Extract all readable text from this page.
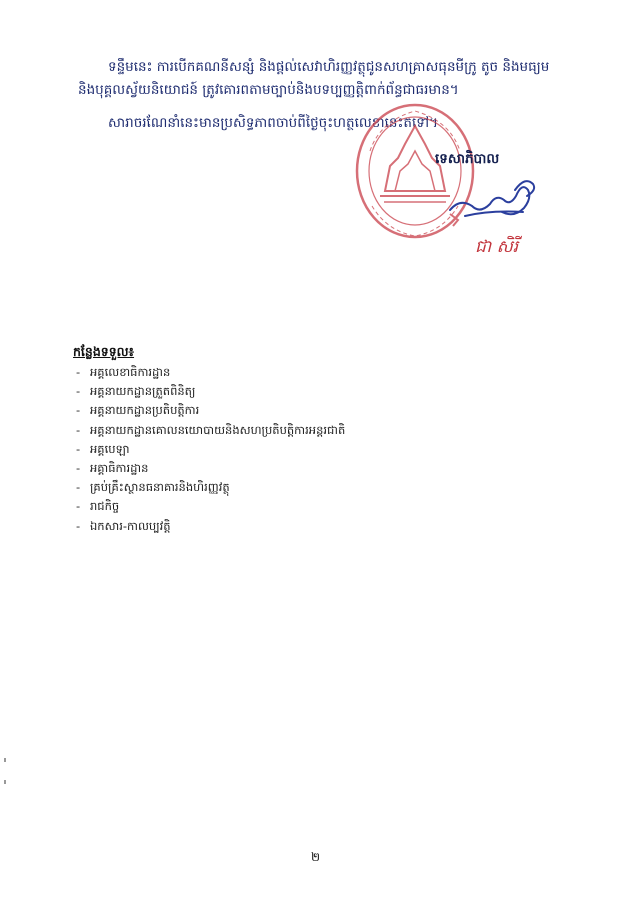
ទន្ទឹមនេះ ការបើកគណនីសន្សំ និងផ្តល់សេវាហិរញ្ញវត្ថុជូនសហគ្រាសធុនមីក្រូ តូច និងមធ្យម
និងបុគ្គលស្វ័យនិយោជន៍ ត្រូវគោរពតាមច្បាប់និងបទប្បញ្ញត្តិពាក់ព័ន្ធជាធរមាន។
សារាចរណែនាំនេះមានប្រសិទ្ធភាពចាប់ពីថ្ងៃចុះហត្ថលេខានេះតទៅ។
ទេសាភិបាល
ជា សិរី
កន្លែងទទួល៖
- អគ្គលេខាធិការដ្ឋាន
- អគ្គនាយកដ្ឋានត្រួតពិនិត្យ
- អគ្គនាយកដ្ឋានប្រតិបត្តិការ
- អគ្គនាយកដ្ឋានគោលនយោបាយនិងសហប្រតិបត្តិការអន្តរជាតិ
- អគ្គបេឡា
- អគ្គាធិការដ្ឋាន
- គ្រប់គ្រឹះស្ថានធនាគារនិងហិរញ្ញវត្ថុ
- រាជកិច្ច
- ឯកសារ-កាលប្បវត្តិ
២
